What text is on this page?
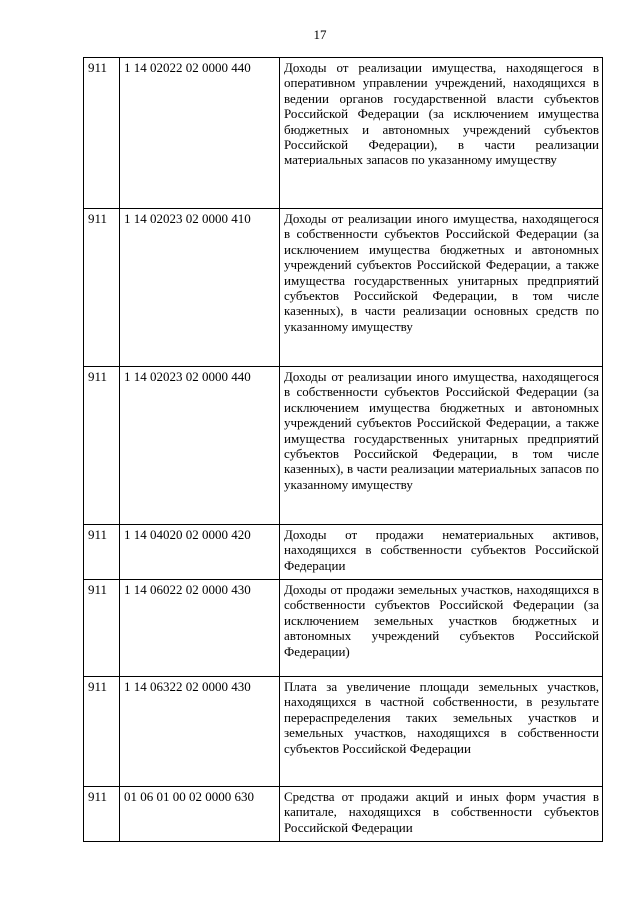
17
911	1 14 02022 02 0000 440	Доходы от реализации имущества, находящегося в оперативном управлении учреждений, находящихся в ведении органов государственной власти субъектов Российской Федерации (за исключением имущества бюджетных и автономных учреждений субъектов Российской Федерации), в части реализации материальных запасов по указанному имуществу
911	1 14 02023 02 0000 410	Доходы от реализации иного имущества, находящегося в собственности субъектов Российской Федерации (за исключением имущества бюджетных и автономных учреждений субъектов Российской Федерации, а также имущества государственных унитарных предприятий субъектов Российской Федерации, в том числе казенных), в части реализации основных средств по указанному имуществу
911	1 14 02023 02 0000 440	Доходы от реализации иного имущества, находящегося в собственности субъектов Российской Федерации (за исключением имущества бюджетных и автономных учреждений субъектов Российской Федерации, а также имущества государственных унитарных предприятий субъектов Российской Федерации, в том числе казенных), в части реализации материальных запасов по указанному имуществу
911	1 14 04020 02 0000 420	Доходы от продажи нематериальных активов, находящихся в собственности субъектов Российской Федерации
911	1 14 06022 02 0000 430	Доходы от продажи земельных участков, находящихся в собственности субъектов Российской Федерации (за исключением земельных участков бюджетных и автономных учреждений субъектов Российской Федерации)
911	1 14 06322 02 0000 430	Плата за увеличение площади земельных участков, находящихся в частной собственности, в результате перераспределения таких земельных участков и земельных участков, находящихся в собственности субъектов Российской Федерации
911	01 06 01 00 02 0000 630	Средства от продажи акций и иных форм участия в капитале, находящихся в собственности субъектов Российской Федерации
